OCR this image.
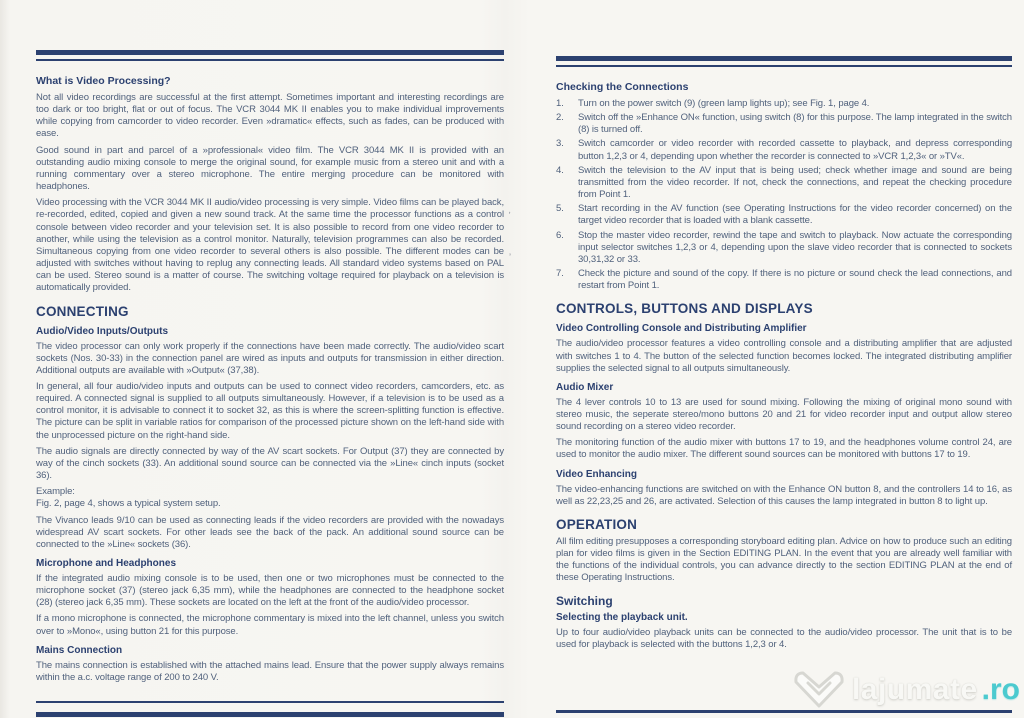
What is Video Processing?

Not all video recordings are successful at the first attempt. Sometimes important and interesting recordings are too dark or too bright, flat or out of focus. The VCR 3044 MK II enables you to make individual improvements while copying from camcorder to video recorder. Even »dramatic« effects, such as fades, can be produced with ease.

Good sound in part and parcel of a »professional« video film. The VCR 3044 MK II is provided with an outstanding audio mixing console to merge the original sound, for example music from a stereo unit and with a running commentary over a stereo microphone. The entire merging procedure can be monitored with headphones.

Video processing with the VCR 3044 MK II audio/video processing is very simple. Video films can be played back, re-recorded, edited, copied and given a new sound track. At the same time the processor functions as a control console between video recorder and your television set. It is also possible to record from one video recorder to another, while using the television as a control monitor. Naturally, television programmes can also be recorded. Simultaneous copying from one video recorder to several others is also possible. The different modes can be adjusted with switches without having to replug any connecting leads. All standard video systems based on PAL can be used. Stereo sound is a matter of course. The switching voltage required for playback on a television is automatically provided.

CONNECTING
Audio/Video Inputs/Outputs

The video processor can only work properly if the connections have been made correctly. The audio/video scart sockets (Nos. 30-33) in the connection panel are wired as inputs and outputs for transmission in either direction. Additional outputs are available with »Output« (37,38).

In general, all four audio/video inputs and outputs can be used to connect video recorders, camcorders, etc. as required. A connected signal is supplied to all outputs simultaneously. However, if a television is to be used as a control monitor, it is advisable to connect it to socket 32, as this is where the screen-splitting function is effective. The picture can be split in variable ratios for comparison of the processed picture shown on the left-hand side with the unprocessed picture on the right-hand side.

The audio signals are directly connected by way of the AV scart sockets. For Output (37) they are connected by way of the cinch sockets (33). An additional sound source can be connected via the »Line« cinch inputs (socket 36).

Example:

Fig. 2, page 4, shows a typical system setup.

The Vivanco leads 9/10 can be used as connecting leads if the video recorders are provided with the nowadays widespread AV scart sockets. For other leads see the back of the pack. An additional sound source can be connected to the »Line« sockets (36).

Microphone and Headphones

If the integrated audio mixing console is to be used, then one or two microphones must be connected to the microphone socket (37) (stereo jack 6,35 mm), while the headphones are connected to the headphone socket (28) (stereo jack 6,35 mm). These sockets are located on the left at the front of the audio/video processor.

If a mono microphone is connected, the microphone commentary is mixed into the left channel, unless you switch over to »Mono«, using button 21 for this purpose.

Mains Connection

The mains connection is established with the attached mains lead. Ensure that the power supply always remains within the a.c. voltage range of 200 to 240 V.

Checking the Connections
1.	Turn on the power switch (9) (green lamp lights up); see Fig. 1, page 4.
2.	Switch off the »Enhance ON« function, using switch (8) for this purpose. The lamp integrated in the switch (8) is turned off.
3.	Switch camcorder or video recorder with recorded cassette to playback, and depress corresponding button 1,2,3 or 4, depending upon whether the recorder is connected to »VCR 1,2,3« or »TV«.
4.	Switch the television to the AV input that is being used; check whether image and sound are being transmitted from the video recorder. If not, check the connections, and repeat the checking procedure from Point 1.
5.	Start recording in the AV function (see Operating Instructions for the video recorder concerned) on the target video recorder that is loaded with a blank cassette.
6.	Stop the master video recorder, rewind the tape and switch to playback. Now actuate the corresponding input selector switches 1,2,3 or 4, depending upon the slave video recorder that is connected to sockets 30,31,32 or 33.
7.	Check the picture and sound of the copy. If there is no picture or sound check the lead connections, and restart from Point 1.
CONTROLS, BUTTONS AND DISPLAYS
Video Controlling Console and Distributing Amplifier

The audio/video processor features a video controlling console and a distributing amplifier that are adjusted with switches 1 to 4. The button of the selected function becomes locked. The integrated distributing amplifier supplies the selected signal to all outputs simultaneously.

Audio Mixer

The 4 lever controls 10 to 13 are used for sound mixing. Following the mixing of original mono sound with stereo music, the seperate stereo/mono buttons 20 and 21 for video recorder input and output allow stereo sound recording on a stereo video recorder.

The monitoring function of the audio mixer with buttons 17 to 19, and the headphones volume control 24, are used to monitor the audio mixer. The different sound sources can be monitored with buttons 17 to 19.

Video Enhancing

The video-enhancing functions are switched on with the Enhance ON button 8, and the controllers 14 to 16, as well as 22,23,25 and 26, are activated. Selection of this causes the lamp integrated in button 8 to light up.

OPERATION

All film editing presupposes a corresponding storyboard editing plan. Advice on how to produce such an editing plan for video films is given in the Section EDITING PLAN. In the event that you are already well familiar with the functions of the individual controls, you can advance directly to the section EDITING PLAN at the end of these Operating Instructions.

Switching
Selecting the playback unit.

Up to four audio/video playback units can be connected to the audio/video processor. The unit that is to be used for playback is selected with the buttons 1,2,3 or 4.

’
’
lajumate .ro
